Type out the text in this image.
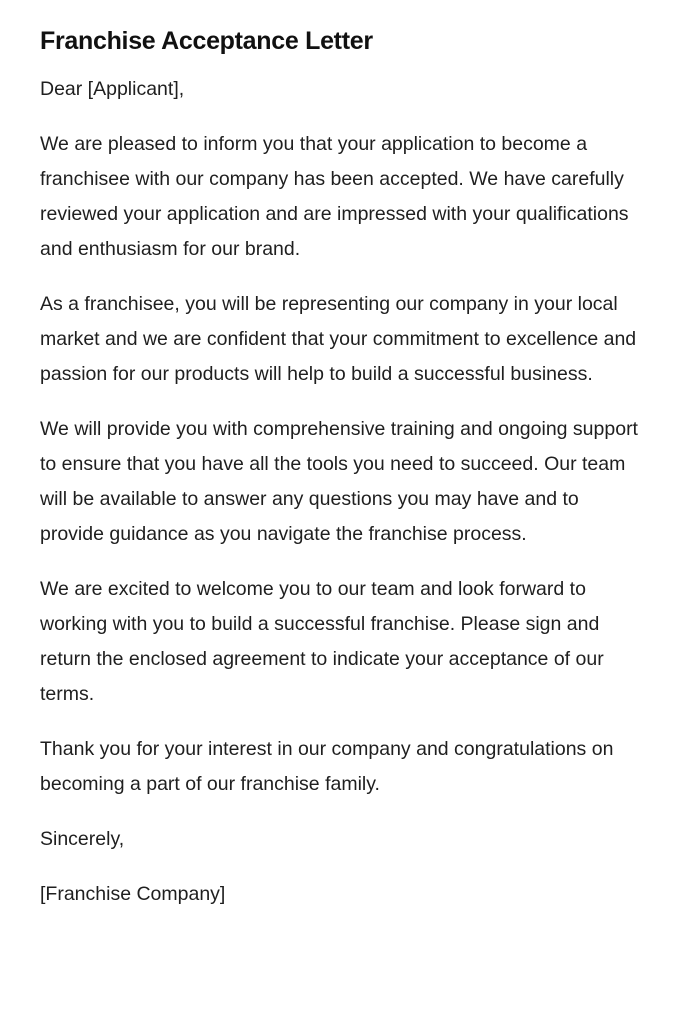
Franchise Acceptance Letter
Dear [Applicant],
We are pleased to inform you that your application to become a franchisee with our company has been accepted. We have carefully reviewed your application and are impressed with your qualifications and enthusiasm for our brand.
As a franchisee, you will be representing our company in your local market and we are confident that your commitment to excellence and passion for our products will help to build a successful business.
We will provide you with comprehensive training and ongoing support to ensure that you have all the tools you need to succeed. Our team will be available to answer any questions you may have and to provide guidance as you navigate the franchise process.
We are excited to welcome you to our team and look forward to working with you to build a successful franchise. Please sign and return the enclosed agreement to indicate your acceptance of our terms.
Thank you for your interest in our company and congratulations on becoming a part of our franchise family.
Sincerely,
[Franchise Company]
